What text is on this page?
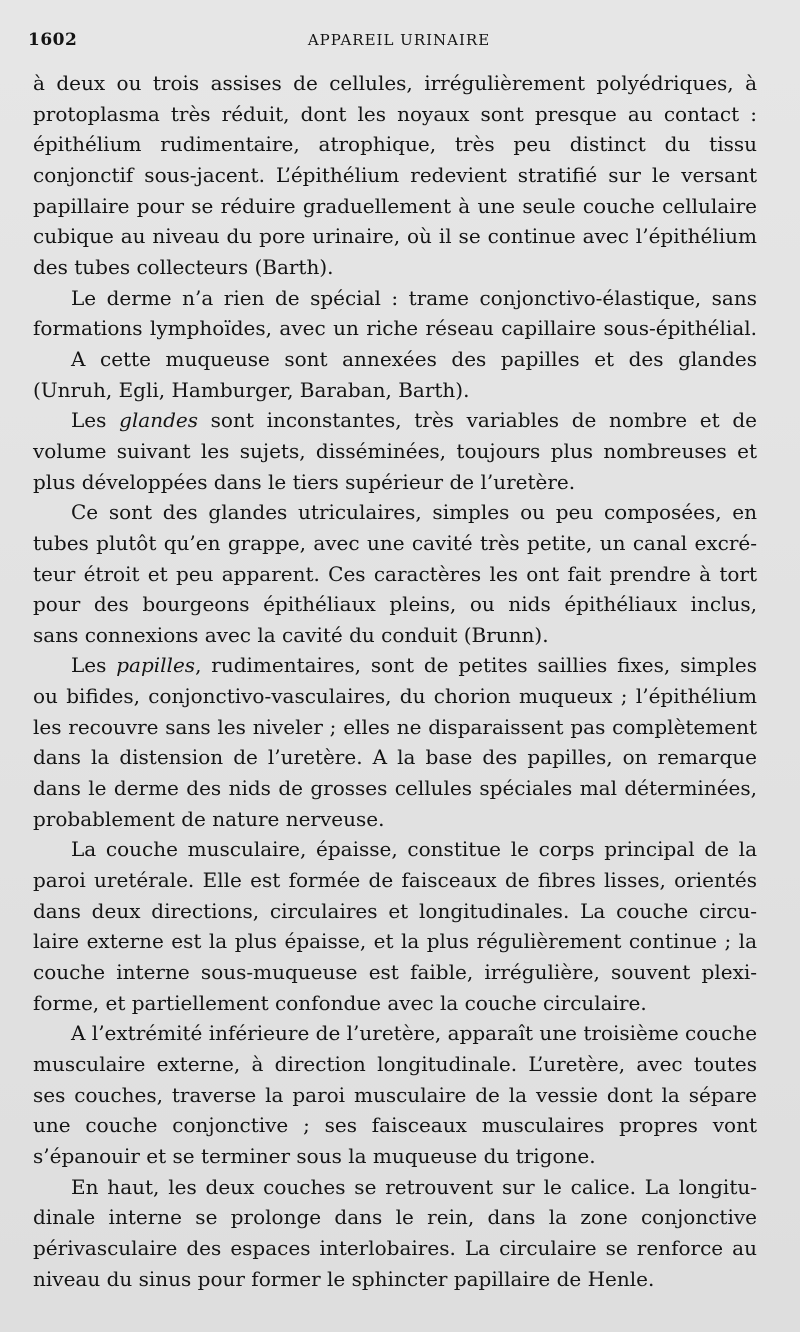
1602	APPAREIL URINAIRE

à deux ou trois assises de cellules, irrégulièrement polyédriques, à
protoplasma très réduit, dont les noyaux sont presque au contact :
épithélium rudimentaire, atrophique, très peu distinct du tissu
conjonctif sous-jacent. L’épithélium redevient stratifié sur le versant
papillaire pour se réduire graduellement à une seule couche cellulaire
cubique au niveau du pore urinaire, où il se continue avec l’épithélium
des tubes collecteurs (Barth).

Le derme n’a rien de spécial : trame conjonctivo-élastique, sans
formations lymphoïdes, avec un riche réseau capillaire sous-épithélial.

A cette muqueuse sont annexées des papilles et des glandes
(Unruh, Egli, Hamburger, Baraban, Barth).

Les glandes sont inconstantes, très variables de nombre et de
volume suivant les sujets, disséminées, toujours plus nombreuses et
plus développées dans le tiers supérieur de l’uretère.

Ce sont des glandes utriculaires, simples ou peu composées, en
tubes plutôt qu’en grappe, avec une cavité très petite, un canal excré-
teur étroit et peu apparent. Ces caractères les ont fait prendre à tort
pour des bourgeons épithéliaux pleins, ou nids épithéliaux inclus,
sans connexions avec la cavité du conduit (Brunn).

Les papilles, rudimentaires, sont de petites saillies fixes, simples
ou bifides, conjonctivo-vasculaires, du chorion muqueux ; l’épithélium
les recouvre sans les niveler ; elles ne disparaissent pas complètement
dans la distension de l’uretère. A la base des papilles, on remarque
dans le derme des nids de grosses cellules spéciales mal déterminées,
probablement de nature nerveuse.

La couche musculaire, épaisse, constitue le corps principal de la
paroi uretérale. Elle est formée de faisceaux de fibres lisses, orientés
dans deux directions, circulaires et longitudinales. La couche circu-
laire externe est la plus épaisse, et la plus régulièrement continue ; la
couche interne sous-muqueuse est faible, irrégulière, souvent plexi-
forme, et partiellement confondue avec la couche circulaire.

A l’extrémité inférieure de l’uretère, apparaît une troisième couche
musculaire externe, à direction longitudinale. L’uretère, avec toutes
ses couches, traverse la paroi musculaire de la vessie dont la sépare
une couche conjonctive ; ses faisceaux musculaires propres vont
s’épanouir et se terminer sous la muqueuse du trigone.

En haut, les deux couches se retrouvent sur le calice. La longitu-
dinale interne se prolonge dans le rein, dans la zone conjonctive
périvasculaire des espaces interlobaires. La circulaire se renforce au
niveau du sinus pour former le sphincter papillaire de Henle.
